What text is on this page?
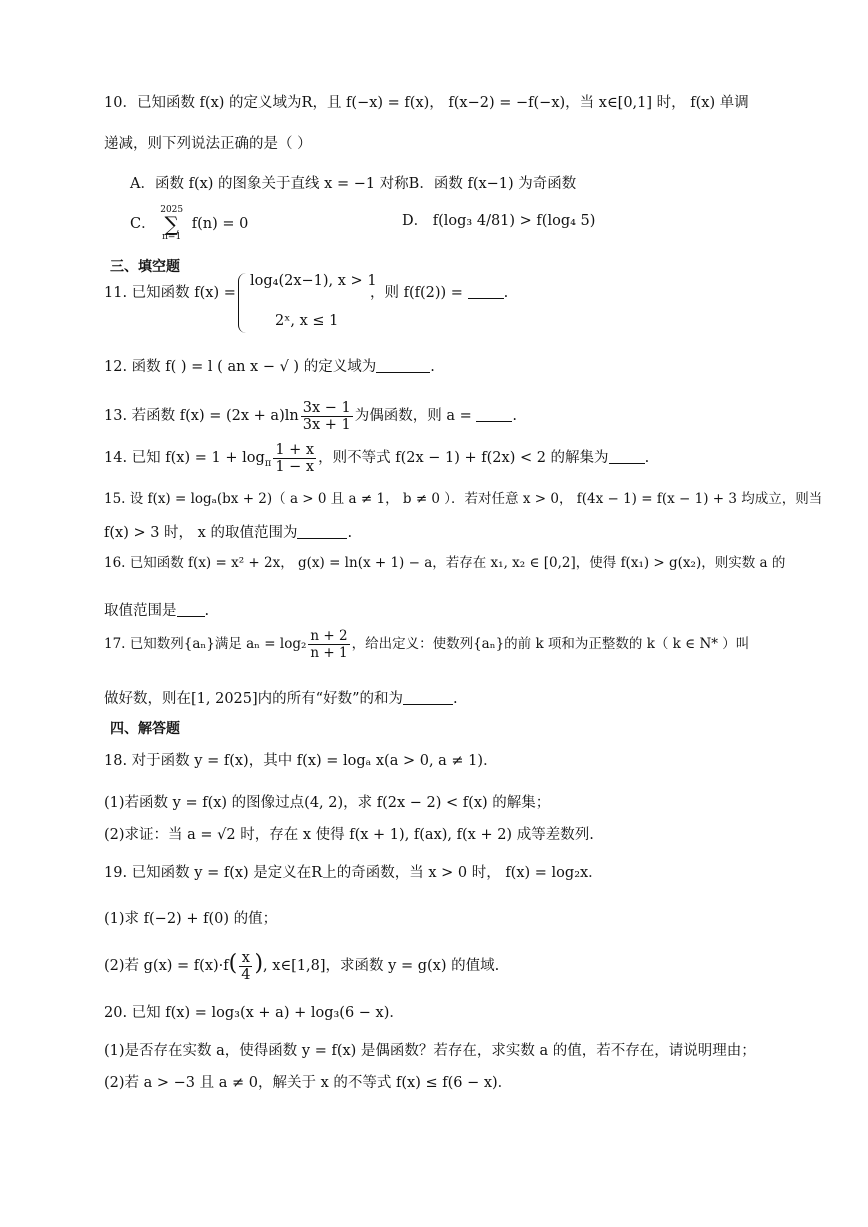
10．已知函数 f(x) 的定义域为R，且 f(−x) = f(x)， f(x−2) = −f(−x)，当 x∈[0,1] 时， f(x) 单调
递减，则下列说法正确的是（ ）
A．函数 f(x) 的图象关于直线 x = −1 对称B．函数 f(x−1) 为奇函数
C． 2025
∑
n=1 f(n) = 0	D． f(log₃ 4/81) > f(log₄ 5)
三、填空题
11. 已知函数 f(x) =
log₄(2x−1), x > 1
2ˣ, x ≤ 1
，则 f(f(2)) = .
12. 函数 f( ) = l ( an x − √ ) 的定义域为	.
13. 若函数 $f(x) = (2x + a)\ln \frac{3x - 1}{3x + 1}$ 为偶函数，则 a = .
14. 已知 $f(x) = 1 + \log_\pi \frac{1 + x}{1 - x}$ ，则不等式 f(2x − 1) + f(2x) < 2 的解集为 .
15. 设 f(x) = logₐ(bx + 2)（ a > 0 且 a ≠ 1， b ≠ 0 ）．若对任意 x > 0， f(4x − 1) = f(x − 1) + 3 均成立，则当
f(x) > 3 时， x 的取值范围为	.
16. 已知函数 f(x) = x² + 2x， g(x) = ln(x + 1) − a，若存在 x₁, x₂ ∈ [0,2]，使得 f(x₁) > g(x₂)，则实数 a 的
取值范围是 .
17. 已知数列{aₙ}满足 $a_n = \log_2 \frac{n + 2}{n + 1}$ ，给出定义：使数列{aₙ}的前 k 项和为正整数的 k（ k ∈ N* ）叫
做好数，则在[1, 2025]内的所有“好数”的和为	.
四、解答题
18. 对于函数 y = f(x)，其中 f(x) = logₐ x(a > 0, a ≠ 1)．
(1)若函数 y = f(x) 的图像过点(4, 2)，求 f(2x − 2) < f(x) 的解集；
(2)求证：当 a = √2 时，存在 x 使得 f(x + 1), f(ax), f(x + 2) 成等差数列.
19. 已知函数 y = f(x) 是定义在R上的奇函数，当 x > 0 时， f(x) = log₂x．
(1)求 f(−2) + f(0) 的值；
(2)若 $g(x) = f(x)\cdot f( \frac{x}{4}$ ), x∈[1,8]，求函数 y = g(x) 的值域.
20. 已知 f(x) = log₃(x + a) + log₃(6 − x)．
(1)是否存在实数 a，使得函数 y = f(x) 是偶函数？若存在，求实数 a 的值，若不存在，请说明理由；
(2)若 a > −3 且 a ≠ 0，解关于 x 的不等式 f(x) ≤ f(6 − x)．
